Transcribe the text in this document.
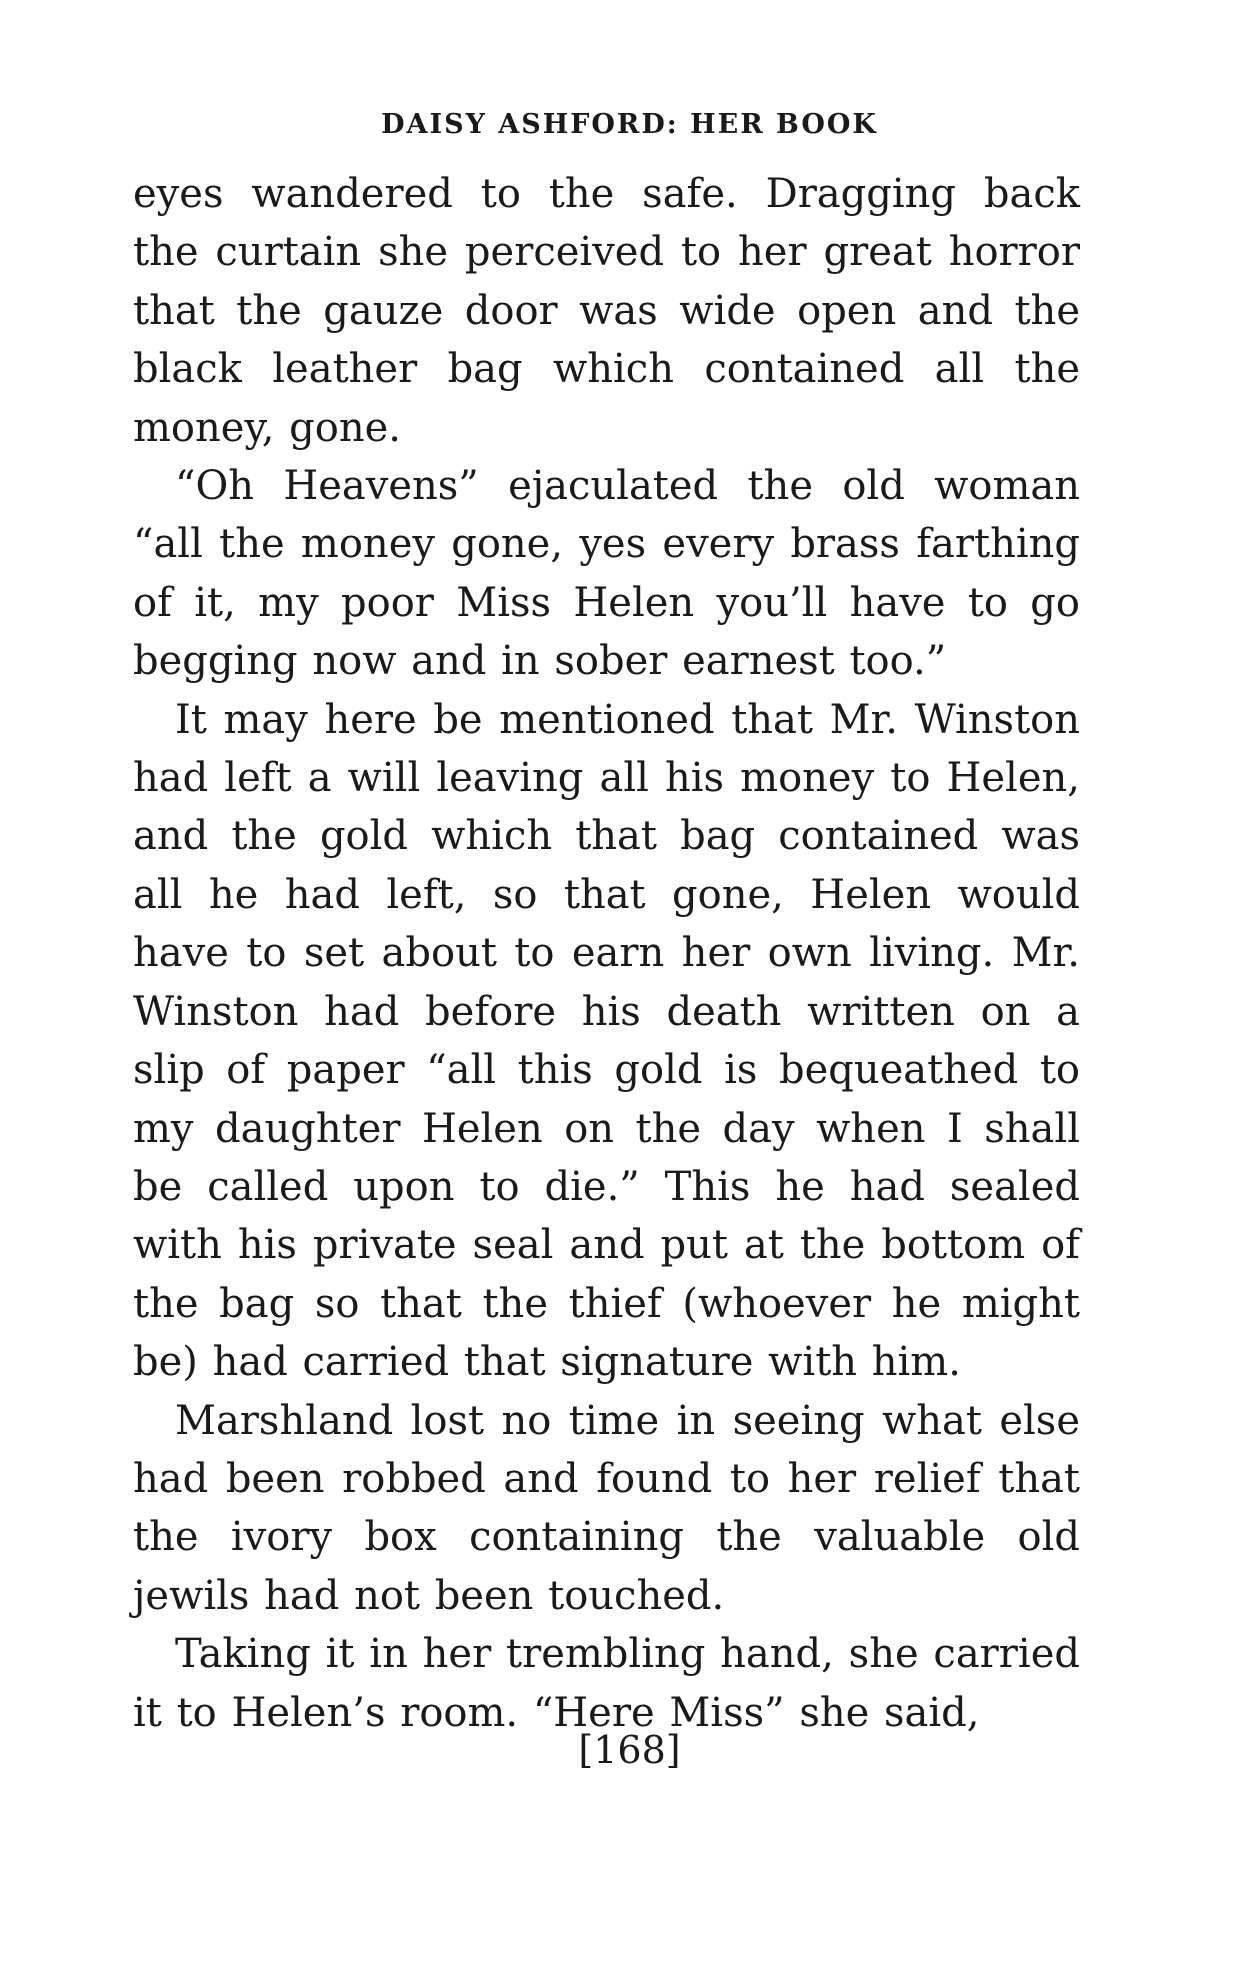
DAISY ASHFORD: HER BOOK

eyes wandered to the safe. Dragging back the curtain she perceived to her great horror that the gauze door was wide open and the black leather bag which contained all the money, gone.

“Oh Heavens” ejaculated the old woman “all the money gone, yes every brass farthing of it, my poor Miss Helen you’ll have to go begging now and in sober earnest too.”

It may here be mentioned that Mr. Winston had left a will leaving all his money to Helen, and the gold which that bag contained was all he had left, so that gone, Helen would have to set about to earn her own living. Mr. Winston had before his death written on a slip of paper “all this gold is bequeathed to my daughter Helen on the day when I shall be called upon to die.” This he had sealed with his private seal and put at the bottom of the bag so that the thief (whoever he might be) had carried that signature with him.

Marshland lost no time in seeing what else had been robbed and found to her relief that the ivory box containing the valuable old jewils had not been touched.

Taking it in her trembling hand, she carried it to Helen’s room. “Here Miss” she said,

[168]
